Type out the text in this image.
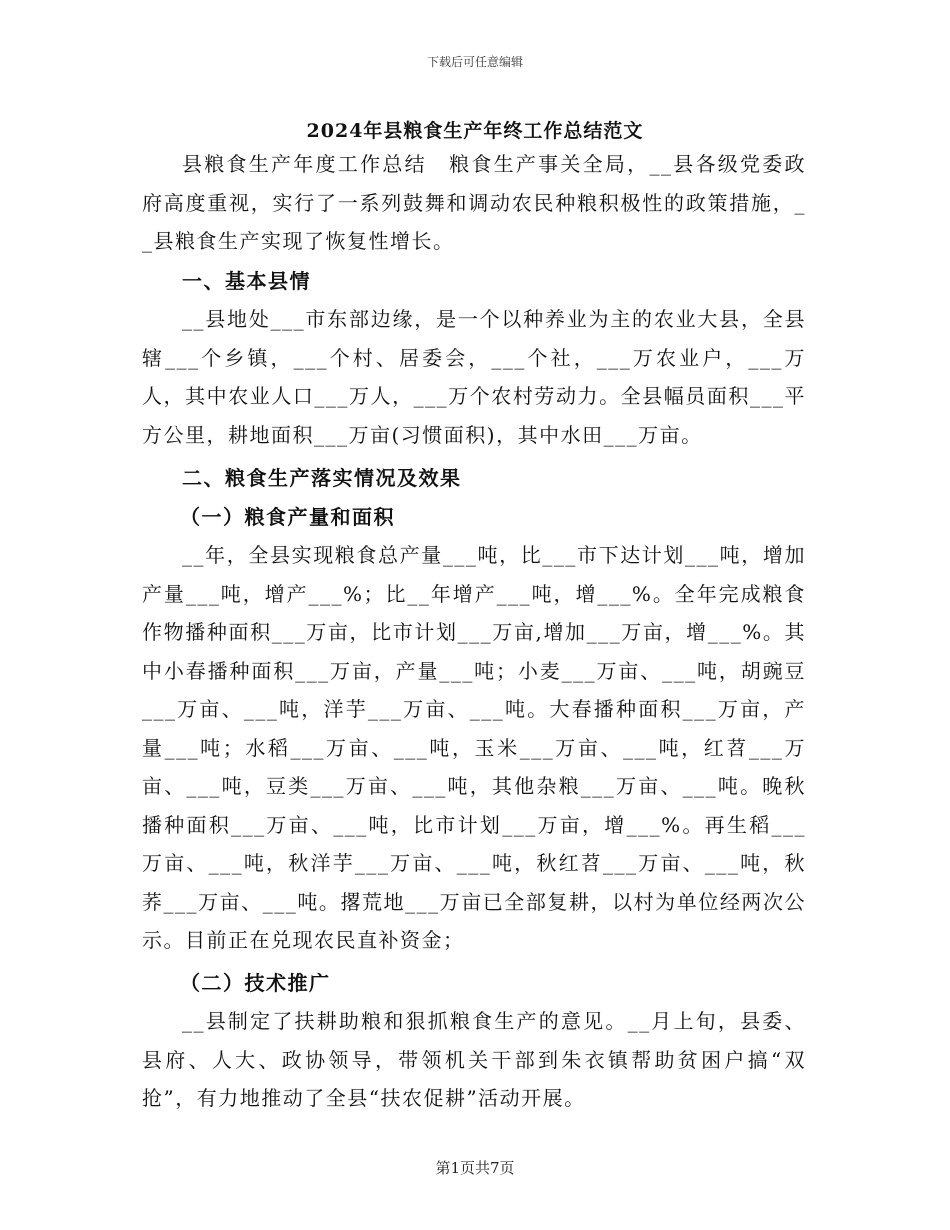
下载后可任意编辑
2024年县粮食生产年终工作总结范文

县粮食生产年度工作总结　粮食生产事关全局，__县各级党委政府高度重视，实行了一系列鼓舞和调动农民种粮积极性的政策措施，__县粮食生产实现了恢复性增长。

一、基本县情

__县地处___市东部边缘，是一个以种养业为主的农业大县，全县辖___个乡镇，___个村、居委会，___个社，___万农业户，___万人，其中农业人口___万人，___万个农村劳动力。全县幅员面积___平方公里，耕地面积___万亩(习惯面积)，其中水田___万亩。

二、粮食生产落实情况及效果

（一）粮食产量和面积

__年，全县实现粮食总产量___吨，比___市下达计划___吨，增加产量___吨，增产___%；比__年增产___吨，增___%。全年完成粮食作物播种面积___万亩，比市计划___万亩,增加___万亩，增___%。其中小春播种面积___万亩，产量___吨；小麦___万亩、___吨，胡豌豆___万亩、___吨，洋芋___万亩、___吨。大春播种面积___万亩，产量___吨；水稻___万亩、___吨，玉米___万亩、___吨，红苕___万亩、___吨，豆类___万亩、___吨，其他杂粮___万亩、___吨。晚秋播种面积___万亩、___吨，比市计划___万亩，增___%。再生稻___万亩、___吨，秋洋芋___万亩、___吨，秋红苕___万亩、___吨，秋荞___万亩、___吨。撂荒地___万亩已全部复耕，以村为单位经两次公示。目前正在兑现农民直补资金；

（二）技术推广

__县制定了扶耕助粮和狠抓粮食生产的意见。__月上旬，县委、县府、人大、政协领导，带领机关干部到朱衣镇帮助贫困户搞“双抢”，有力地推动了全县“扶农促耕”活动开展。

第1页共7页
